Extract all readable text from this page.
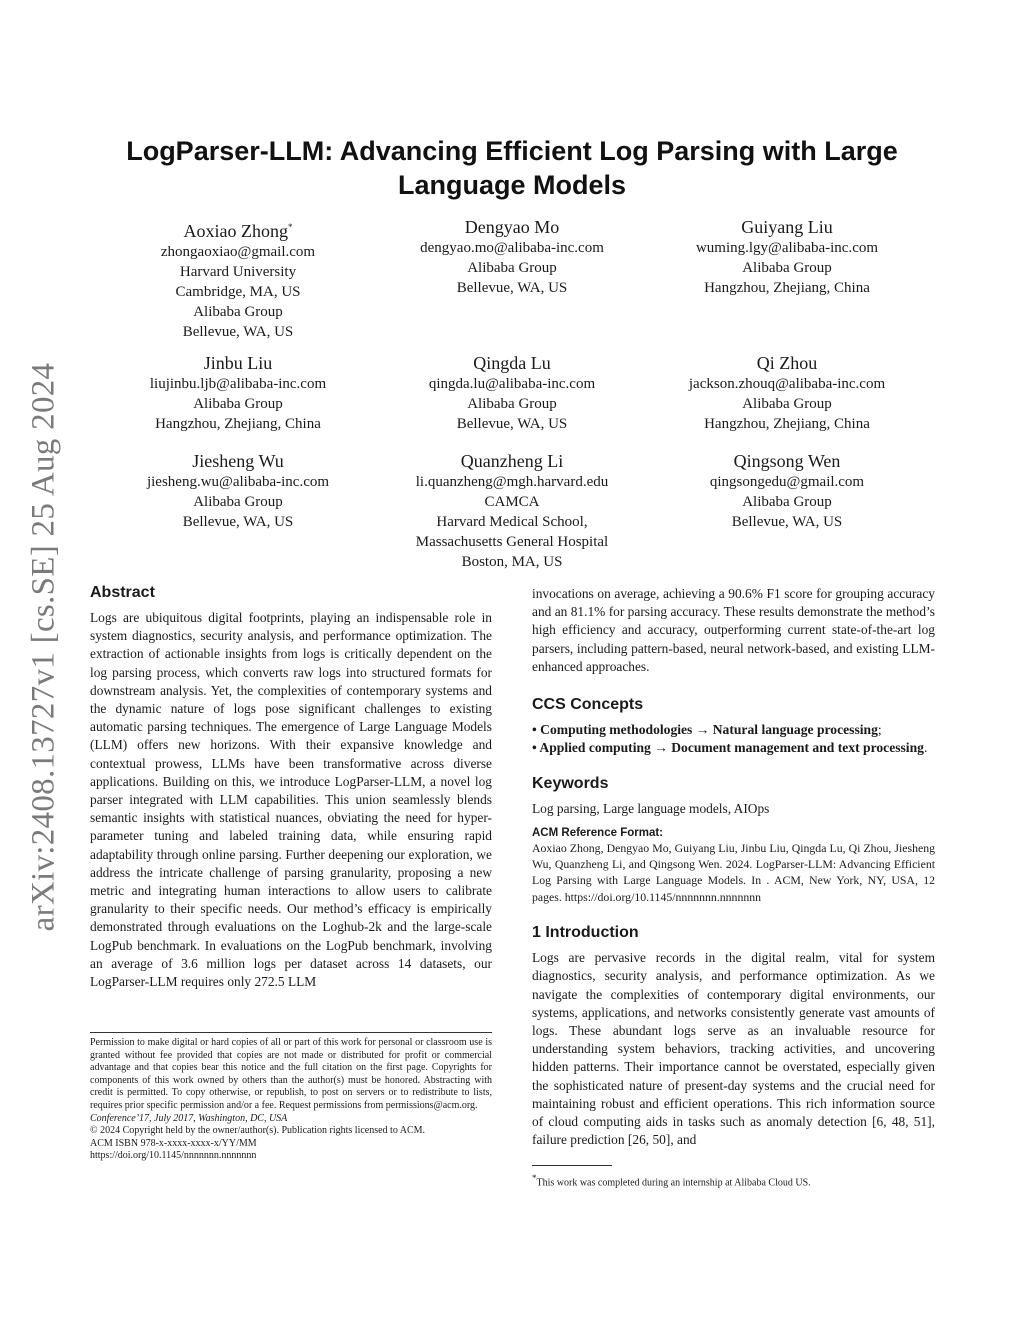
arXiv:2408.13727v1 [cs.SE] 25 Aug 2024
LogParser-LLM: Advancing Efficient Log Parsing with Large Language Models
Aoxiao Zhong*
zhongaoxiao@gmail.com
Harvard University
Cambridge, MA, US
Alibaba Group
Bellevue, WA, US
Dengyao Mo
dengyao.mo@alibaba-inc.com
Alibaba Group
Bellevue, WA, US
Guiyang Liu
wuming.lgy@alibaba-inc.com
Alibaba Group
Hangzhou, Zhejiang, China
Jinbu Liu
liujinbu.ljb@alibaba-inc.com
Alibaba Group
Hangzhou, Zhejiang, China
Qingda Lu
qingda.lu@alibaba-inc.com
Alibaba Group
Bellevue, WA, US
Qi Zhou
jackson.zhouq@alibaba-inc.com
Alibaba Group
Hangzhou, Zhejiang, China
Jiesheng Wu
jiesheng.wu@alibaba-inc.com
Alibaba Group
Bellevue, WA, US
Quanzheng Li
li.quanzheng@mgh.harvard.edu
CAMCA
Harvard Medical School,
Massachusetts General Hospital
Boston, MA, US
Qingsong Wen
qingsongedu@gmail.com
Alibaba Group
Bellevue, WA, US
Abstract

Logs are ubiquitous digital footprints, playing an indispensable role in system diagnostics, security analysis, and performance optimization. The extraction of actionable insights from logs is critically dependent on the log parsing process, which converts raw logs into structured formats for downstream analysis. Yet, the complexities of contemporary systems and the dynamic nature of logs pose significant challenges to existing automatic parsing techniques. The emergence of Large Language Models (LLM) offers new horizons. With their expansive knowledge and contextual prowess, LLMs have been transformative across diverse applications. Building on this, we introduce LogParser-LLM, a novel log parser integrated with LLM capabilities. This union seamlessly blends semantic insights with statistical nuances, obviating the need for hyper-parameter tuning and labeled training data, while ensuring rapid adaptability through online parsing. Further deepening our exploration, we address the intricate challenge of parsing granularity, proposing a new metric and integrating human interactions to allow users to calibrate granularity to their specific needs. Our method’s efficacy is empirically demonstrated through evaluations on the Loghub-2k and the large-scale LogPub benchmark. In evaluations on the LogPub benchmark, involving an average of 3.6 million logs per dataset across 14 datasets, our LogParser-LLM requires only 272.5 LLM

Permission to make digital or hard copies of all or part of this work for personal or classroom use is granted without fee provided that copies are not made or distributed for profit or commercial advantage and that copies bear this notice and the full citation on the first page. Copyrights for components of this work owned by others than the author(s) must be honored. Abstracting with credit is permitted. To copy otherwise, or republish, to post on servers or to redistribute to lists, requires prior specific permission and/or a fee. Request permissions from permissions@acm.org.

Conference’17, July 2017, Washington, DC, USA

© 2024 Copyright held by the owner/author(s). Publication rights licensed to ACM.

ACM ISBN 978-x-xxxx-xxxx-x/YY/MM

https://doi.org/10.1145/nnnnnnn.nnnnnnn

invocations on average, achieving a 90.6% F1 score for grouping accuracy and an 81.1% for parsing accuracy. These results demonstrate the method’s high efficiency and accuracy, outperforming current state-of-the-art log parsers, including pattern-based, neural network-based, and existing LLM-enhanced approaches.

CCS Concepts

• Computing methodologies → Natural language processing;

• Applied computing → Document management and text processing.

Keywords

Log parsing, Large language models, AIOps

ACM Reference Format:

Aoxiao Zhong, Dengyao Mo, Guiyang Liu, Jinbu Liu, Qingda Lu, Qi Zhou, Jiesheng Wu, Quanzheng Li, and Qingsong Wen. 2024. LogParser-LLM: Advancing Efficient Log Parsing with Large Language Models. In . ACM, New York, NY, USA, 12 pages. https://doi.org/10.1145/nnnnnnn.nnnnnnn

1 Introduction

Logs are pervasive records in the digital realm, vital for system diagnostics, security analysis, and performance optimization. As we navigate the complexities of contemporary digital environments, our systems, applications, and networks consistently generate vast amounts of logs. These abundant logs serve as an invaluable resource for understanding system behaviors, tracking activities, and uncovering hidden patterns. Their importance cannot be overstated, especially given the sophisticated nature of present-day systems and the crucial need for maintaining robust and efficient operations. This rich information source of cloud computing aids in tasks such as anomaly detection [6, 48, 51], failure prediction [26, 50], and

*This work was completed during an internship at Alibaba Cloud US.
